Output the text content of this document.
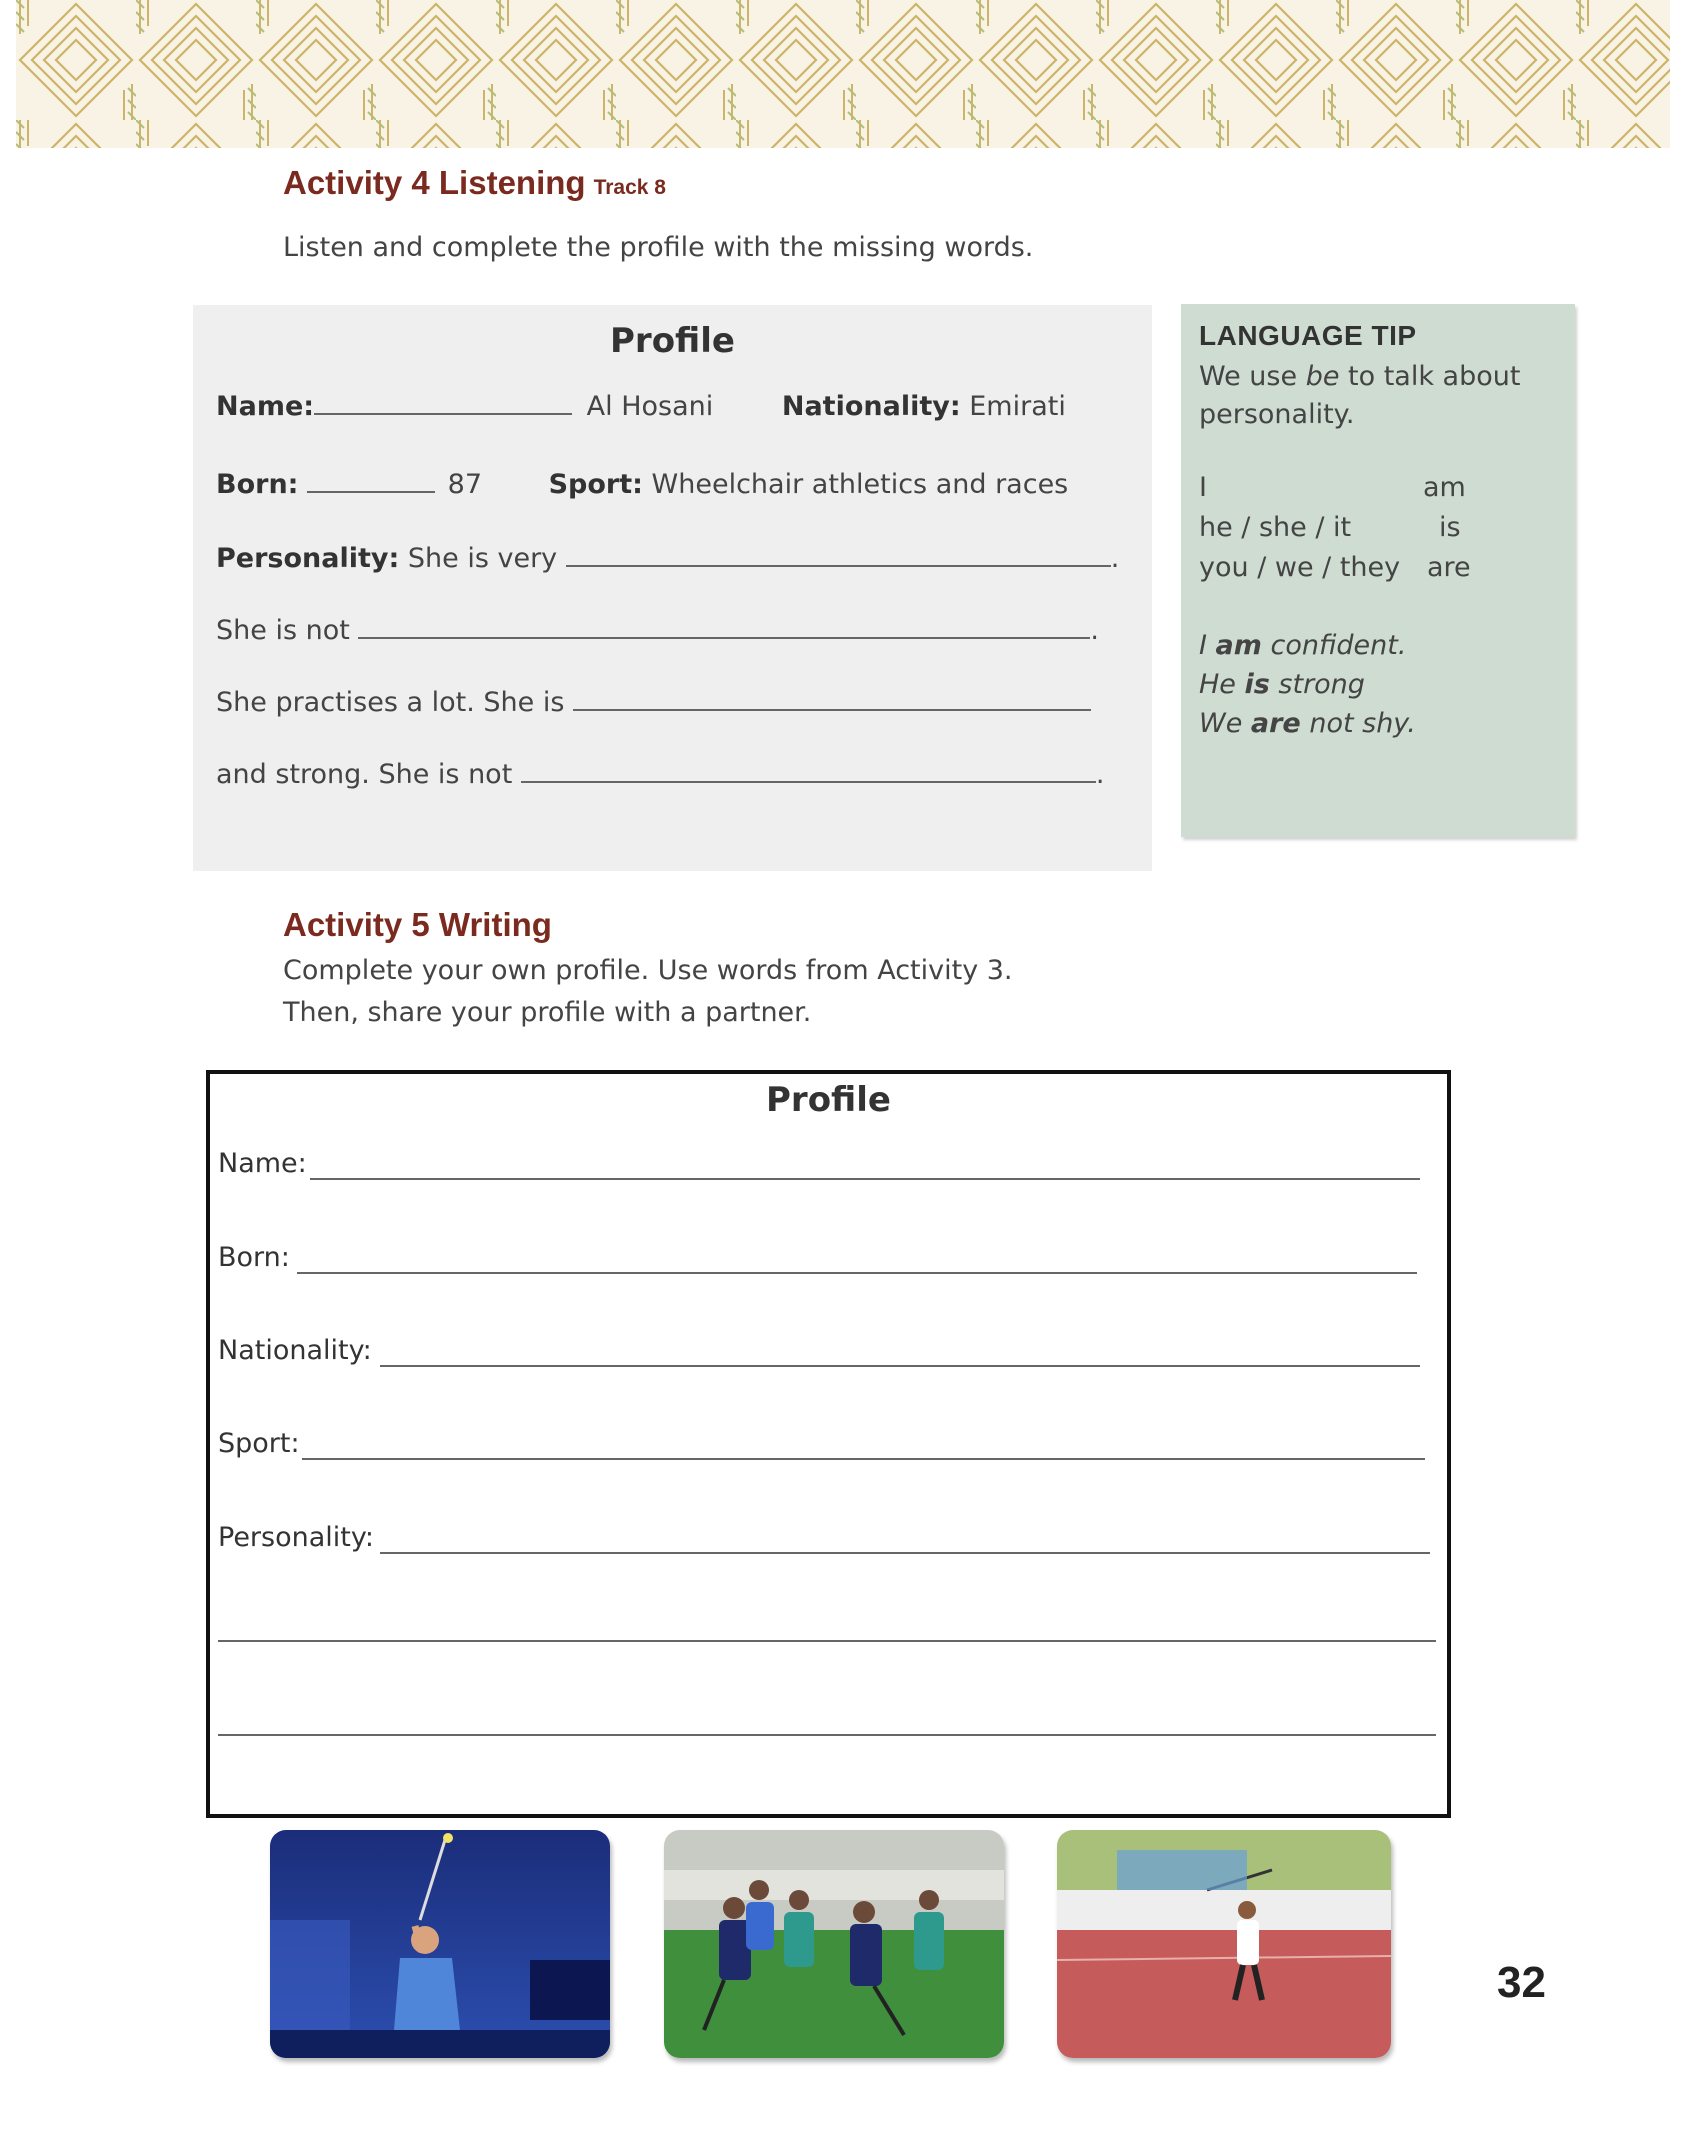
Activity 4 Listening Track 8
Listen and complete the profile with the missing words.
Profile
Name:	Al Hosani	Nationality: Emirati
Born:	87 Sport: Wheelchair athletics and races
Personality: She is very	.
She is not	.
She practises a lot. She is
and strong. She is not	.
LANGUAGE TIP
We use be to talk about personality.
I	am
he / she / it	is
you / we / they are
I am confident.
He is strong
We are not shy.
Activity 5 Writing
Complete your own profile. Use words from Activity 3.
Then, share your profile with a partner.
Profile
Name:
Born:
Nationality:
Sport:
Personality:
32
